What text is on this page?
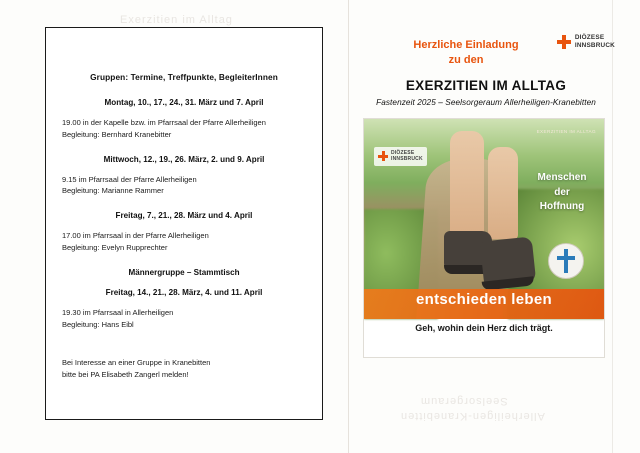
Exerzitien im Alltag
Seelsorgeraum
Allerheiligen-Kranebitten
Gruppen: Termine, Treffpunkte, BegleiterInnen
Montag, 10., 17., 24., 31. März und 7. April
19.00 in der Kapelle bzw. im Pfarrsaal der Pfarre Allerheiligen
Begleitung: Bernhard Kranebitter
Mittwoch, 12., 19., 26. März, 2. und 9. April
9.15 im Pfarrsaal der Pfarre Allerheiligen
Begleitung: Marianne Rammer
Freitag, 7., 21., 28. März und 4. April
17.00 im Pfarrsaal in der Pfarre Allerheiligen
Begleitung: Evelyn Rupprechter
Männergruppe – Stammtisch
Freitag, 14., 21., 28. März, 4. und 11. April
19.30 im Pfarrsaal in Allerheiligen
Begleitung: Hans Eibl
Bei Interesse an einer Gruppe in Kranebitten
bitte bei PA Elisabeth Zangerl melden!
DIÖZESE
INNSBRUCK
Herzliche Einladung
zu den
EXERZITIEN IM ALLTAG
Fastenzeit 2025 – Seelsorgeraum Allerheiligen-Kranebitten
EXERZITIEN IM ALLTAG
DIÖZESE
INNSBRUCK
Menschen
der
Hoffnung
entschieden leben
Geh, wohin dein Herz dich trägt.
